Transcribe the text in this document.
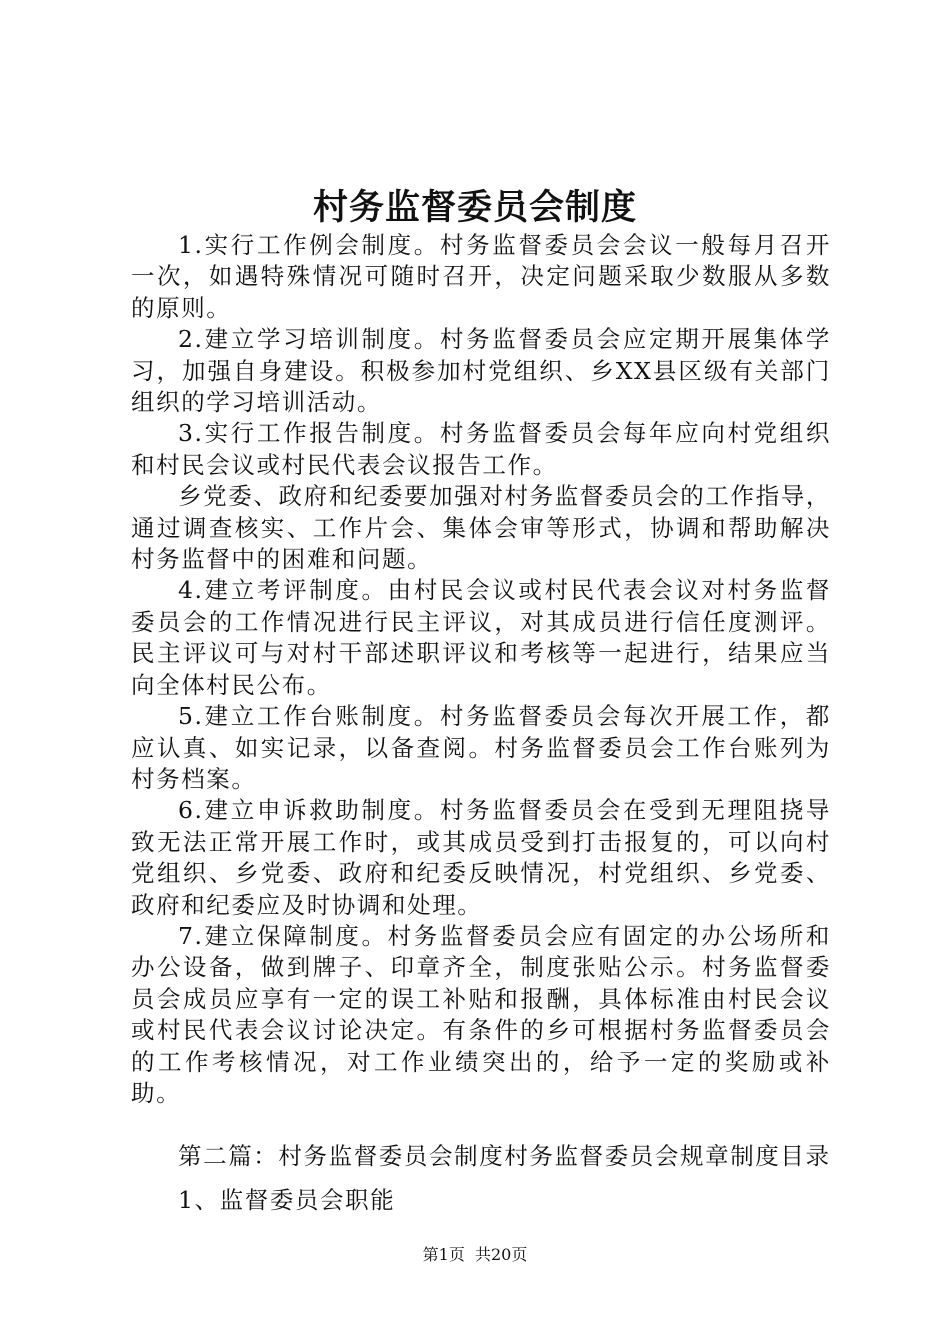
村务监督委员会制度

1.实行工作例会制度。村务监督委员会会议一般每月召开一次，如遇特殊情况可随时召开，决定问题采取少数服从多数的原则。

2.建立学习培训制度。村务监督委员会应定期开展集体学习，加强自身建设。积极参加村党组织、乡XX县区级有关部门组织的学习培训活动。

3.实行工作报告制度。村务监督委员会每年应向村党组织和村民会议或村民代表会议报告工作。

乡党委、政府和纪委要加强对村务监督委员会的工作指导，通过调查核实、工作片会、集体会审等形式，协调和帮助解决村务监督中的困难和问题。

4.建立考评制度。由村民会议或村民代表会议对村务监督委员会的工作情况进行民主评议，对其成员进行信任度测评。民主评议可与对村干部述职评议和考核等一起进行，结果应当向全体村民公布。

5.建立工作台账制度。村务监督委员会每次开展工作，都应认真、如实记录，以备查阅。村务监督委员会工作台账列为村务档案。

6.建立申诉救助制度。村务监督委员会在受到无理阻挠导致无法正常开展工作时，或其成员受到打击报复的，可以向村党组织、乡党委、政府和纪委反映情况，村党组织、乡党委、政府和纪委应及时协调和处理。

7.建立保障制度。村务监督委员会应有固定的办公场所和办公设备，做到牌子、印章齐全，制度张贴公示。村务监督委员会成员应享有一定的误工补贴和报酬，具体标准由村民会议或村民代表会议讨论决定。有条件的乡可根据村务监督委员会的工作考核情况，对工作业绩突出的，给予一定的奖励或补助。

第二篇：村务监督委员会制度村务监督委员会规章制度目录

1、监督委员会职能

第1页  共20页
